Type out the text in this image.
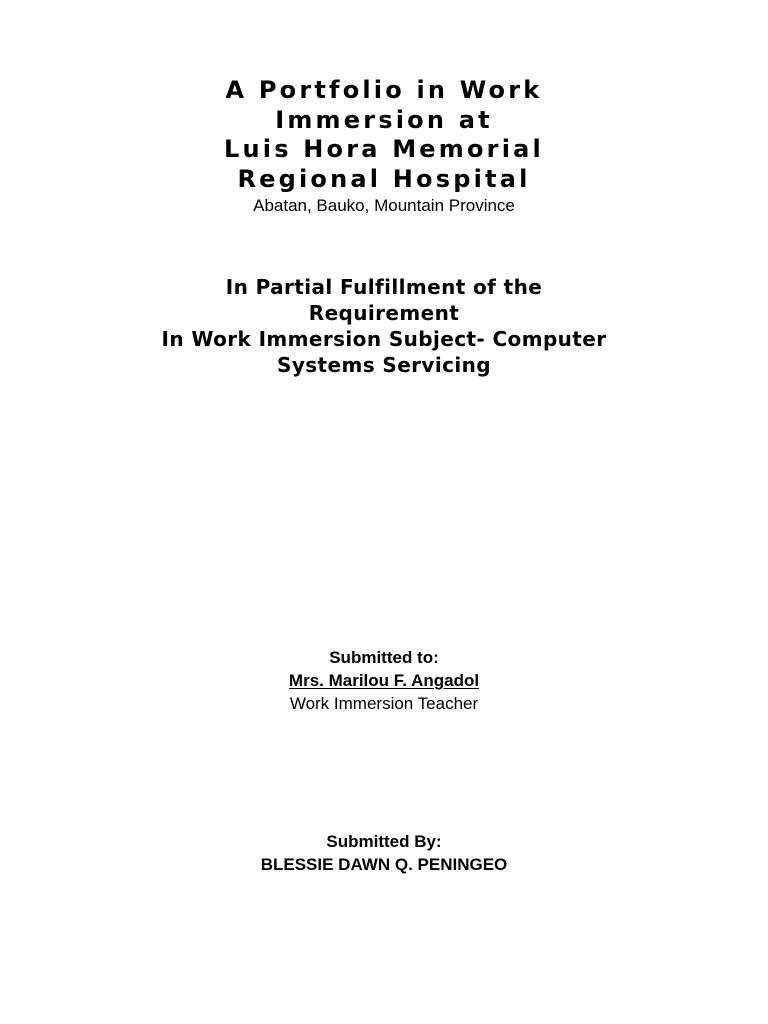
A Portfolio in Work
Immersion at
Luis Hora Memorial
Regional Hospital
Abatan, Bauko, Mountain Province
In Partial Fulfillment of the
Requirement
In Work Immersion Subject- Computer
Systems Servicing
Submitted to:
Mrs. Marilou F. Angadol
Work Immersion Teacher
Submitted By:
BLESSIE DAWN Q. PENINGEO
